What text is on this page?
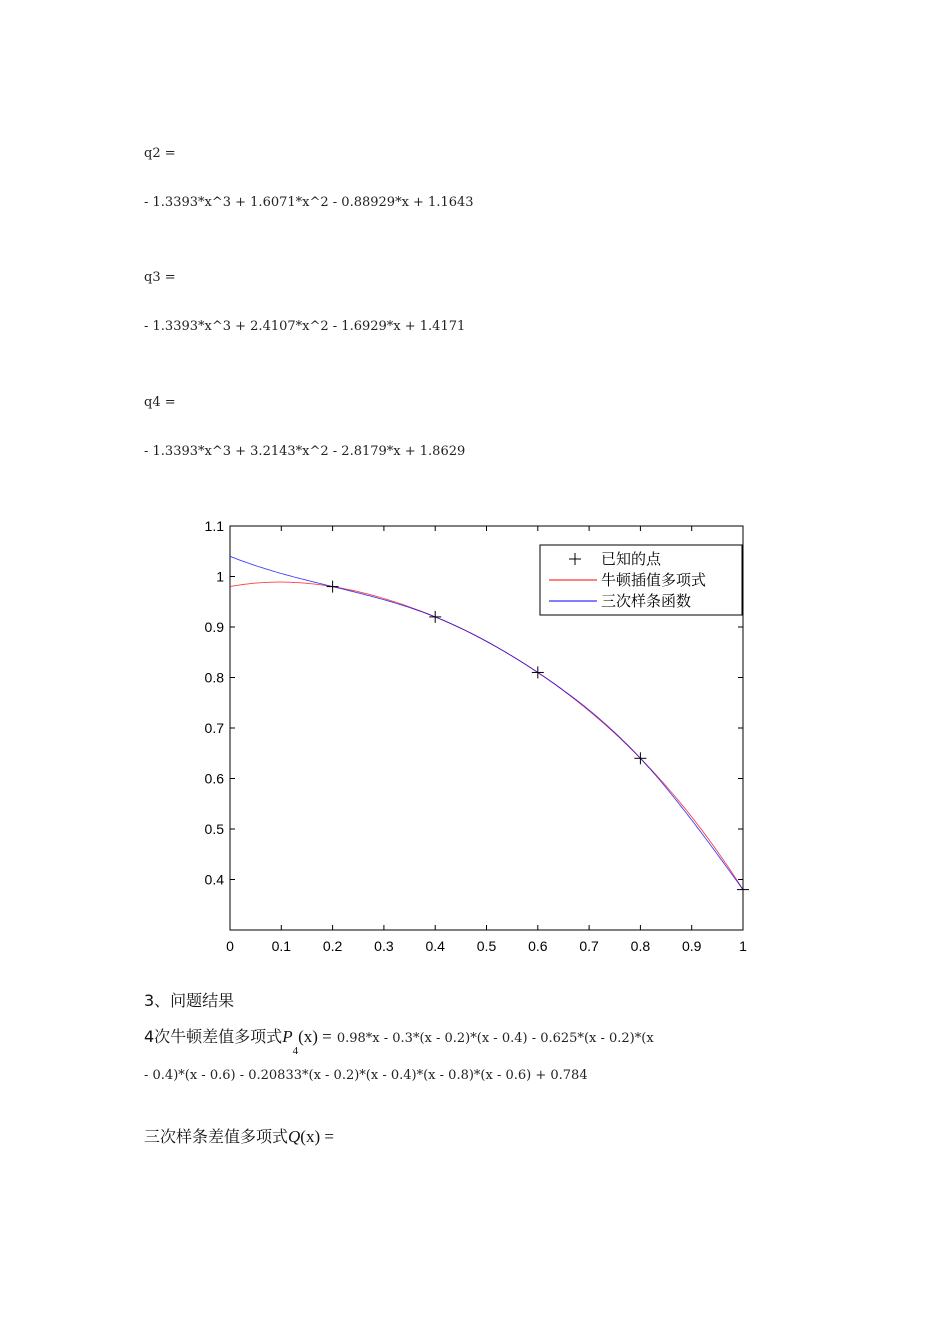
q2 =
- 1.3393*x^3 + 1.6071*x^2 - 0.88929*x + 1.1643
q3 =
- 1.3393*x^3 + 2.4107*x^2 - 1.6929*x + 1.4171
q4 =
- 1.3393*x^3 + 3.2143*x^2 - 2.8179*x + 1.8629
0	0.1 0.2 0.3 0.4 0.5 0.6 0.7 0.8 0.9	1
0.4
0.5
0.6
0.7
0.8
0.9
1
1.1
已知的点
牛顿插值多项式
三次样条函数
3、问题结果
4次牛顿差值多项式$P_4(x) = 0.98*x - 0.3*(x - 0.2)*(x - 0.4) - 0.625*(x - 0.2)*(x$
- 0.4)*(x - 0.6) - 0.20833*(x - 0.2)*(x - 0.4)*(x - 0.8)*(x - 0.6) + 0.784
三次样条差值多项式Q(x) =
